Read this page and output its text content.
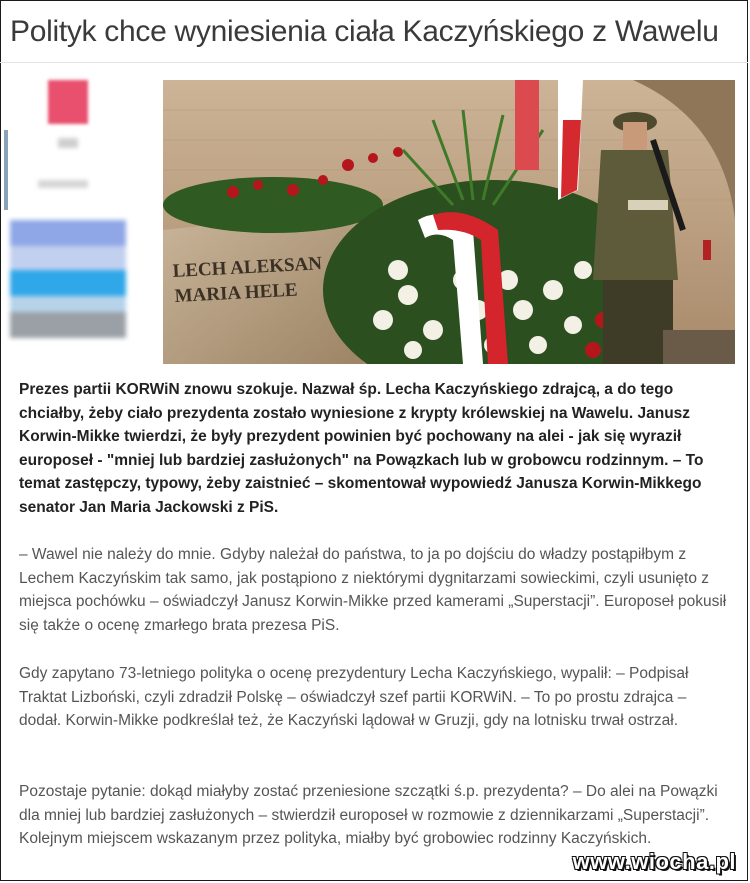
Polityk chce wyniesienia ciała Kaczyńskiego z Wawelu
LECH ALEKSAN
MARIA HELE
Prezes partii KORWiN znowu szokuje. Nazwał śp. Lecha Kaczyńskiego zdrajcą, a do tego chciałby, żeby ciało prezydenta zostało wyniesione z krypty królewskiej na Wawelu. Janusz Korwin-Mikke twierdzi, że były prezydent powinien być pochowany na alei - jak się wyraził europoseł - "mniej lub bardziej zasłużonych" na Powązkach lub w grobowcu rodzinnym. – To temat zastępczy, typowy, żeby zaistnieć – skomentował wypowiedź Janusza Korwin-Mikkego senator Jan Maria Jackowski z PiS.
– Wawel nie należy do mnie. Gdyby należał do państwa, to ja po dojściu do władzy postąpiłbym z Lechem Kaczyńskim tak samo, jak postąpiono z niektórymi dygnitarzami sowieckimi, czyli usunięto z miejsca pochówku – oświadczył Janusz Korwin-Mikke przed kamerami „Superstacji”. Europoseł pokusił się także o ocenę zmarłego brata prezesa PiS.
Gdy zapytano 73-letniego polityka o ocenę prezydentury Lecha Kaczyńskiego, wypalił: – Podpisał Traktat Lizboński, czyli zdradził Polskę – oświadczył szef partii KORWiN. – To po prostu zdrajca – dodał. Korwin-Mikke podkreślał też, że Kaczyński lądował w Gruzji, gdy na lotnisku trwał ostrzał.
Pozostaje pytanie: dokąd miałyby zostać przeniesione szczątki ś.p. prezydenta? – Do alei na Powązki dla mniej lub bardziej zasłużonych – stwierdził europoseł w rozmowie z dziennikarzami „Superstacji”. Kolejnym miejscem wskazanym przez polityka, miałby być grobowiec rodzinny Kaczyńskich.
www.wiocha.pl
